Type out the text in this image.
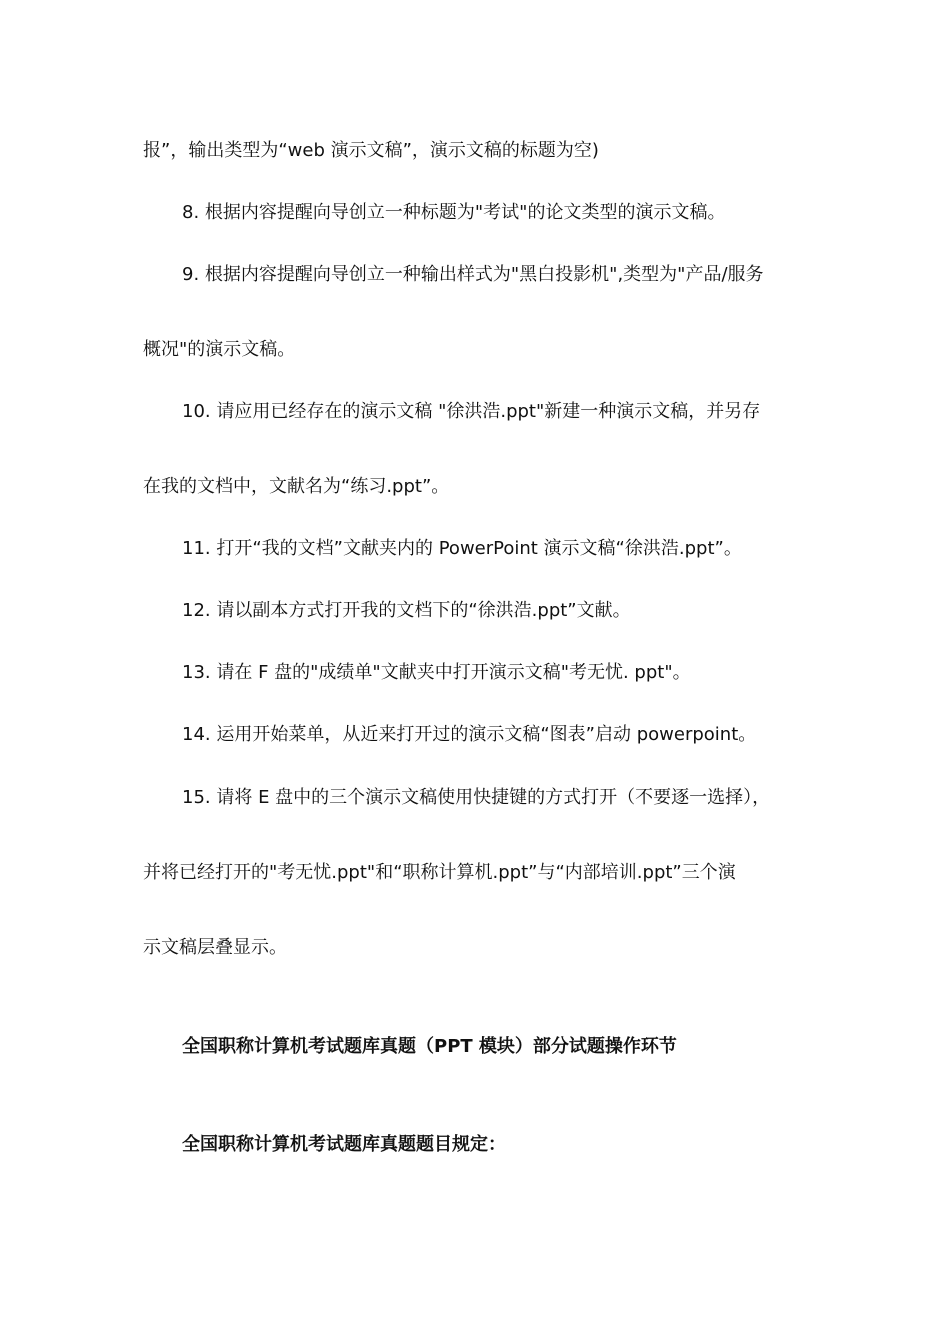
报”，输出类型为“web 演示文稿”，演示文稿的标题为空)

8. 根据内容提醒向导创立一种标题为"考试"的论文类型的演示文稿。

9. 根据内容提醒向导创立一种输出样式为"黑白投影机",类型为"产品/服务

概况"的演示文稿。

10. 请应用已经存在的演示文稿 "徐洪浩.ppt"新建一种演示文稿，并另存

在我的文档中，文献名为“练习.ppt”。

11. 打开“我的文档”文献夹内的 PowerPoint 演示文稿“徐洪浩.ppt”。

12. 请以副本方式打开我的文档下的“徐洪浩.ppt”文献。

13. 请在 F 盘的"成绩单"文献夹中打开演示文稿"考无忧. ppt"。

14. 运用开始菜单，从近来打开过的演示文稿“图表”启动 powerpoint。

15. 请将 E 盘中的三个演示文稿使用快捷键的方式打开（不要逐一选择），

并将已经打开的"考无忧.ppt"和“职称计算机.ppt”与“内部培训.ppt”三个演

示文稿层叠显示。

全国职称计算机考试题库真题（PPT 模块）部分试题操作环节

全国职称计算机考试题库真题题目规定：
